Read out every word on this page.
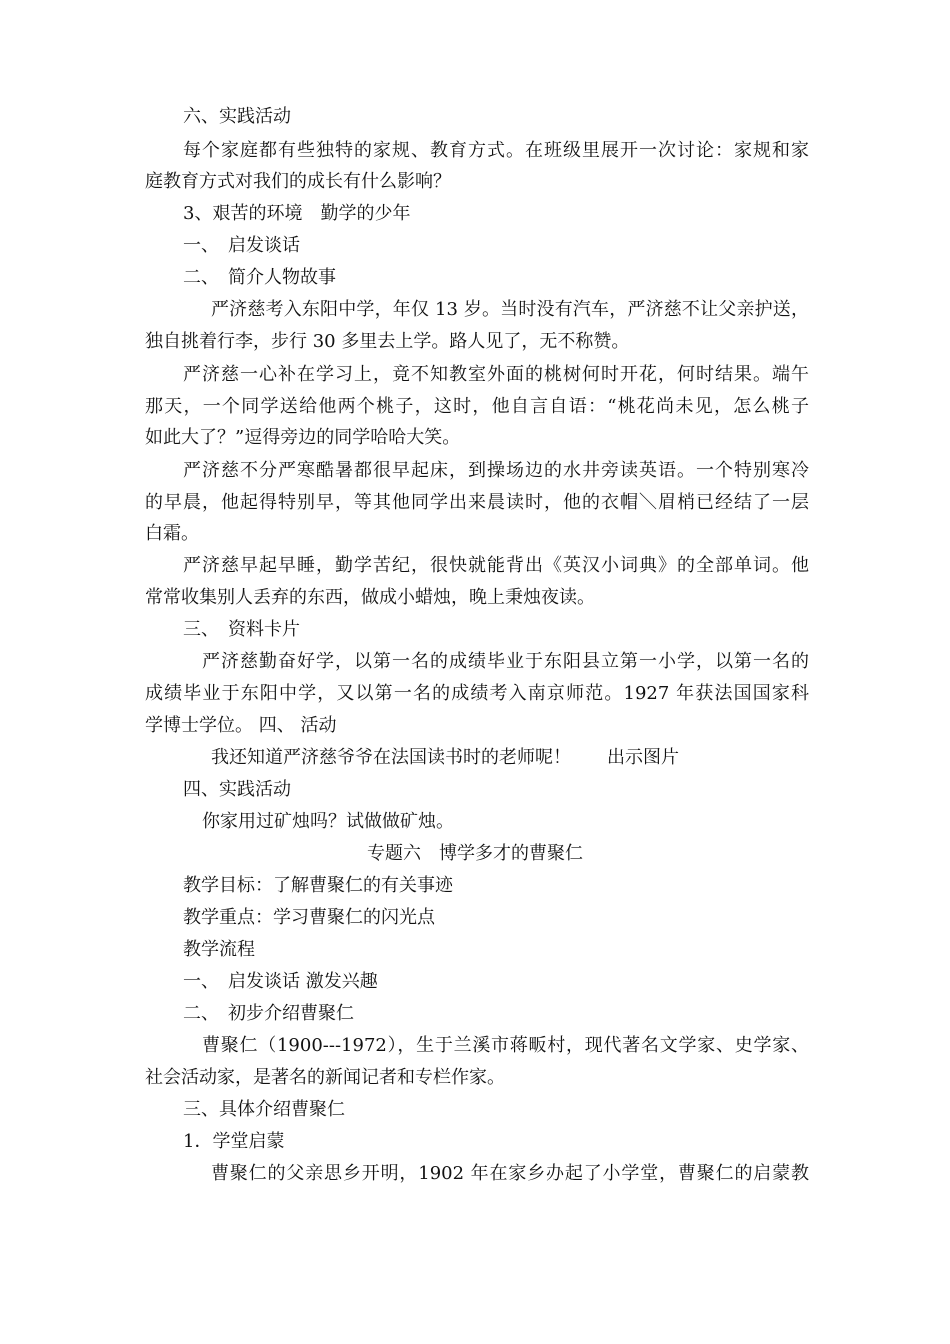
六、实践活动
每个家庭都有些独特的家规、教育方式。在班级里展开一次讨论：家规和家
庭教育方式对我们的成长有什么影响？
3、艰苦的环境　勤学的少年
一、　启发谈话
二、　简介人物故事
严济慈考入东阳中学，年仅 13 岁。当时没有汽车，严济慈不让父亲护送，
独自挑着行李，步行 30 多里去上学。路人见了，无不称赞。
严济慈一心补在学习上，竟不知教室外面的桃树何时开花，何时结果。端午
那天，一个同学送给他两个桃子，这时，他自言自语：“桃花尚未见，怎么桃子
如此大了？”逗得旁边的同学哈哈大笑。
严济慈不分严寒酷暑都很早起床，到操场边的水井旁读英语。一个特别寒冷
的早晨，他起得特别早，等其他同学出来晨读时，他的衣帽＼眉梢已经结了一层
白霜。
严济慈早起早睡，勤学苦纪，很快就能背出《英汉小词典》的全部单词。他
常常收集别人丢弃的东西，做成小蜡烛，晚上秉烛夜读。
三、　资料卡片
严济慈勤奋好学，以第一名的成绩毕业于东阳县立第一小学，以第一名的
成绩毕业于东阳中学，又以第一名的成绩考入南京师范。1927 年获法国国家科
学博士学位。 四、 活动
我还知道严济慈爷爷在法国读书时的老师呢！　　出示图片
四、实践活动
你家用过矿烛吗？试做做矿烛。
专题六　博学多才的曹聚仁
教学目标：了解曹聚仁的有关事迹
教学重点：学习曹聚仁的闪光点
教学流程
一、　启发谈话 激发兴趣
二、　初步介绍曹聚仁
曹聚仁（1900---1972），生于兰溪市蒋畈村，现代著名文学家、史学家、
社会活动家，是著名的新闻记者和专栏作家。
三、具体介绍曹聚仁
1．学堂启蒙
曹聚仁的父亲思乡开明，1902 年在家乡办起了小学堂，曹聚仁的启蒙教
